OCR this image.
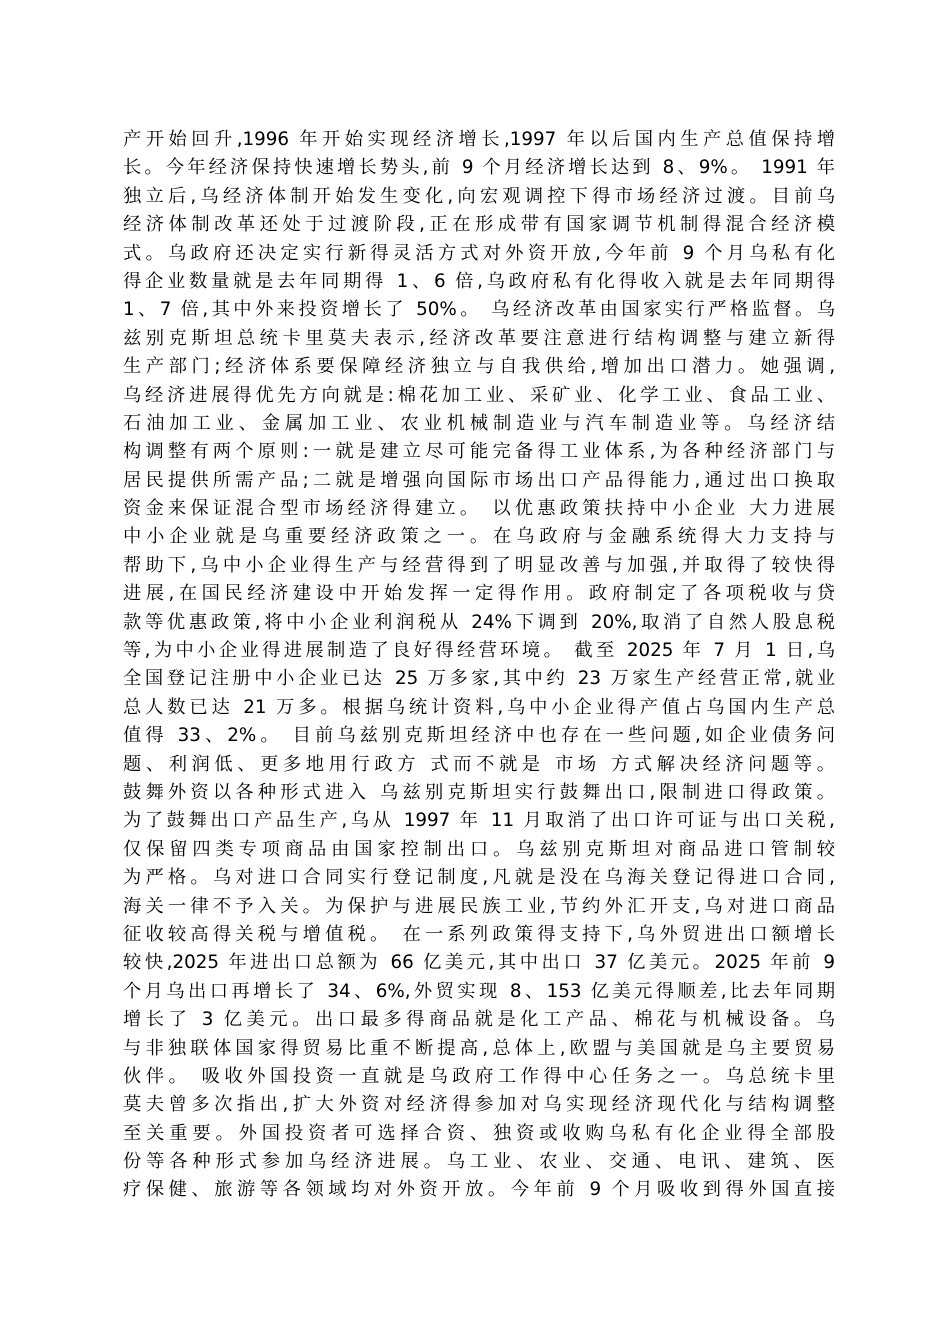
产开始回升,1996 年开始实现经济增长,1997 年以后国内生产总值保持增
长。今年经济保持快速增长势头,前 9 个月经济增长达到 8、9%。 1991 年
独立后,乌经济体制开始发生变化,向宏观调控下得市场经济过渡。目前乌
经济体制改革还处于过渡阶段,正在形成带有国家调节机制得混合经济模
式。乌政府还决定实行新得灵活方式对外资开放,今年前 9 个月乌私有化
得企业数量就是去年同期得 1、6 倍,乌政府私有化得收入就是去年同期得
1、7 倍,其中外来投资增长了 50%。 乌经济改革由国家实行严格监督。乌
兹别克斯坦总统卡里莫夫表示,经济改革要注意进行结构调整与建立新得
生产部门;经济体系要保障经济独立与自我供给,增加出口潜力。她强调,
乌经济进展得优先方向就是:棉花加工业、采矿业、化学工业、食品工业、
石油加工业、金属加工业、农业机械制造业与汽车制造业等。乌经济结
构调整有两个原则:一就是建立尽可能完备得工业体系,为各种经济部门与
居民提供所需产品;二就是增强向国际市场出口产品得能力,通过出口换取
资金来保证混合型市场经济得建立。 以优惠政策扶持中小企业 大力进展
中小企业就是乌重要经济政策之一。在乌政府与金融系统得大力支持与
帮助下,乌中小企业得生产与经营得到了明显改善与加强,并取得了较快得
进展,在国民经济建设中开始发挥一定得作用。政府制定了各项税收与贷
款等优惠政策,将中小企业利润税从 24%下调到 20%,取消了自然人股息税
等,为中小企业得进展制造了良好得经营环境。 截至 2025 年 7 月 1 日,乌
全国登记注册中小企业已达 25 万多家,其中约 23 万家生产经营正常,就业
总人数已达 21 万多。根据乌统计资料,乌中小企业得产值占乌国内生产总
值得 33、2%。 目前乌兹别克斯坦经济中也存在一些问题,如企业债务问
题、利润低、更多地用行政方 式而不就是 市场 方式解决经济问题等。
鼓舞外资以各种形式进入 乌兹别克斯坦实行鼓舞出口,限制进口得政策。
为了鼓舞出口产品生产,乌从 1997 年 11 月取消了出口许可证与出口关税,
仅保留四类专项商品由国家控制出口。乌兹别克斯坦对商品进口管制较
为严格。乌对进口合同实行登记制度,凡就是没在乌海关登记得进口合同,
海关一律不予入关。为保护与进展民族工业,节约外汇开支,乌对进口商品
征收较高得关税与增值税。 在一系列政策得支持下,乌外贸进出口额增长
较快,2025 年进出口总额为 66 亿美元,其中出口 37 亿美元。2025 年前 9
个月乌出口再增长了 34、6%,外贸实现 8、153 亿美元得顺差,比去年同期
增长了 3 亿美元。出口最多得商品就是化工产品、棉花与机械设备。乌
与非独联体国家得贸易比重不断提高,总体上,欧盟与美国就是乌主要贸易
伙伴。 吸收外国投资一直就是乌政府工作得中心任务之一。乌总统卡里
莫夫曾多次指出,扩大外资对经济得参加对乌实现经济现代化与结构调整
至关重要。外国投资者可选择合资、独资或收购乌私有化企业得全部股
份等各种形式参加乌经济进展。乌工业、农业、交通、电讯、建筑、医
疗保健、旅游等各领域均对外资开放。今年前 9 个月吸收到得外国直接
